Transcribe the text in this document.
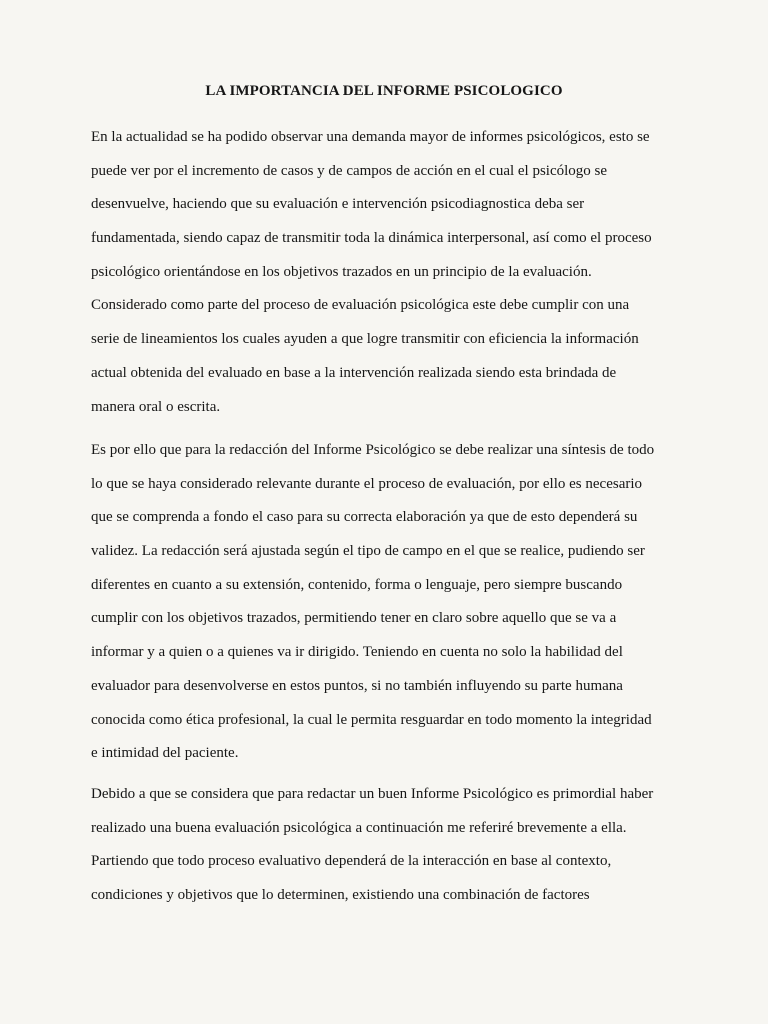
LA IMPORTANCIA DEL INFORME PSICOLOGICO
En la actualidad se ha podido observar una demanda mayor de informes psicológicos, esto se
puede ver por el incremento de casos y de campos de acción en el cual el psicólogo se
desenvuelve, haciendo que su evaluación e intervención psicodiagnostica deba ser
fundamentada, siendo capaz de transmitir toda la dinámica interpersonal, así como el proceso
psicológico orientándose en los objetivos trazados en un principio de la evaluación.
Considerado como parte del proceso de evaluación psicológica este debe cumplir con una
serie de lineamientos los cuales ayuden a que logre transmitir con eficiencia la información
actual obtenida del evaluado en base a la intervención realizada siendo esta brindada de
manera oral o escrita.
Es por ello que para la redacción del Informe Psicológico se debe realizar una síntesis de todo
lo que se haya considerado relevante durante el proceso de evaluación, por ello es necesario
que se comprenda a fondo el caso para su correcta elaboración ya que de esto dependerá su
validez. La redacción será ajustada según el tipo de campo en el que se realice, pudiendo ser
diferentes en cuanto a su extensión, contenido, forma o lenguaje, pero siempre buscando
cumplir con los objetivos trazados, permitiendo tener en claro sobre aquello que se va a
informar y a quien o a quienes va ir dirigido. Teniendo en cuenta no solo la habilidad del
evaluador para desenvolverse en estos puntos, si no también influyendo su parte humana
conocida como ética profesional, la cual le permita resguardar en todo momento la integridad
e intimidad del paciente.
Debido a que se considera que para redactar un buen Informe Psicológico es primordial haber
realizado una buena evaluación psicológica a continuación me referiré brevemente a ella.
Partiendo que todo proceso evaluativo dependerá de la interacción en base al contexto,
condiciones y objetivos que lo determinen, existiendo una combinación de factores
